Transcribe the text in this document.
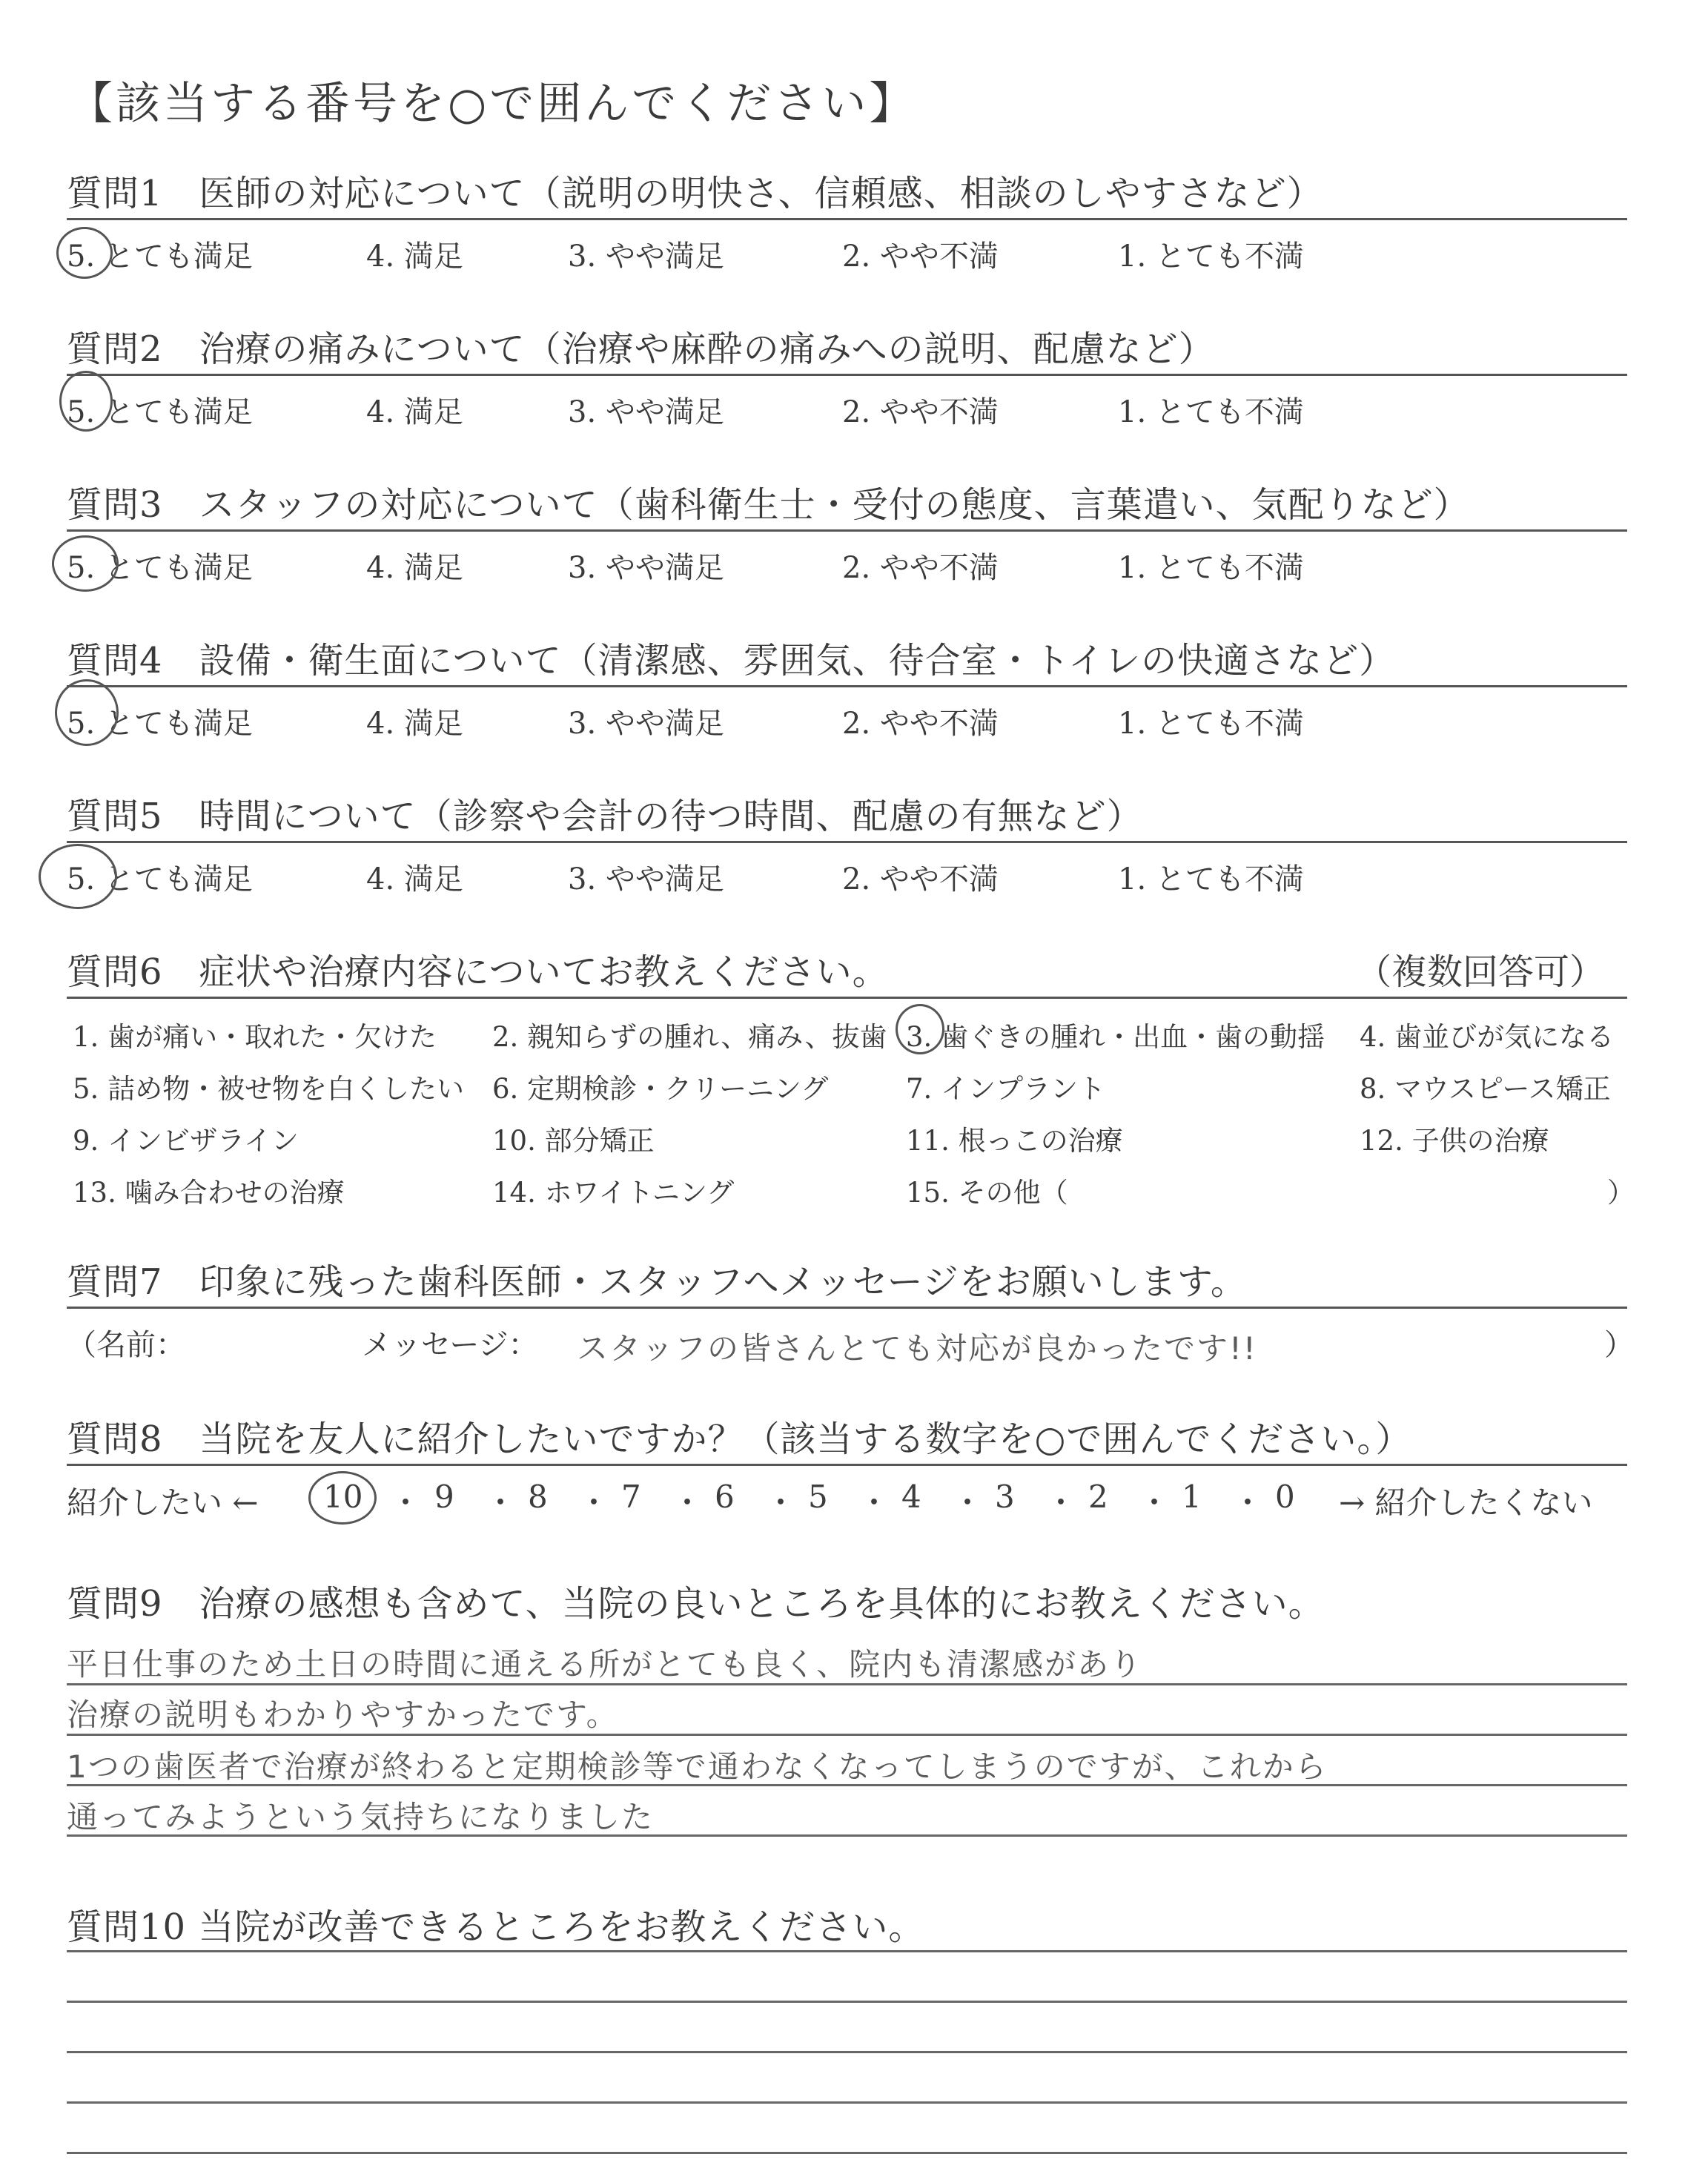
【該当する番号を○で囲んでください】
質問1　医師の対応について（説明の明快さ、信頼感、相談のしやすさなど）
5. とても満足	4. 満足	3. やや満足	2. やや不満	1. とても不満
質問2　治療の痛みについて（治療や麻酔の痛みへの説明、配慮など）
5. とても満足	4. 満足	3. やや満足	2. やや不満	1. とても不満
質問3　スタッフの対応について（歯科衛生士・受付の態度、言葉遣い、気配りなど）
5. とても満足	4. 満足	3. やや満足	2. やや不満	1. とても不満
質問4　設備・衛生面について（清潔感、雰囲気、待合室・トイレの快適さなど）
5. とても満足	4. 満足	3. やや満足	2. やや不満	1. とても不満
質問5　時間について（診察や会計の待つ時間、配慮の有無など）
5. とても満足	4. 満足	3. やや満足	2. やや不満	1. とても不満
質問6　症状や治療内容についてお教えください。	（複数回答可）
1. 歯が痛い・取れた・欠けた 2. 親知らずの腫れ、痛み、抜歯 3. 歯ぐきの腫れ・出血・歯の動揺 4. 歯並びが気になる
5. 詰め物・被せ物を白くしたい 6. 定期検診・クリーニング	7. インプラント	8. マウスピース矯正
9. インビザライン	10. 部分矯正	11. 根っこの治療	12. 子供の治療
13. 噛み合わせの治療	14. ホワイトニング	15. その他（	）
質問7　印象に残った歯科医師・スタッフへメッセージをお願いします。
（名前：	メッセージ： スタッフの皆さんとても対応が良かったです!!	）
質問8　当院を友人に紹介したいですか？（該当する数字を○で囲んでください。）
紹介したい ← 10 ・ 9 ・ 8 ・ 7 ・ 6 ・ 5 ・ 4 ・ 3 ・ 2 ・ 1 ・ 0 → 紹介したくない
質問9　治療の感想も含めて、当院の良いところを具体的にお教えください。
平日仕事のため土日の時間に通える所がとても良く、院内も清潔感があり
治療の説明もわかりやすかったです。
1つの歯医者で治療が終わると定期検診等で通わなくなってしまうのですが、これから
通ってみようという気持ちになりました
質問10 当院が改善できるところをお教えください。
